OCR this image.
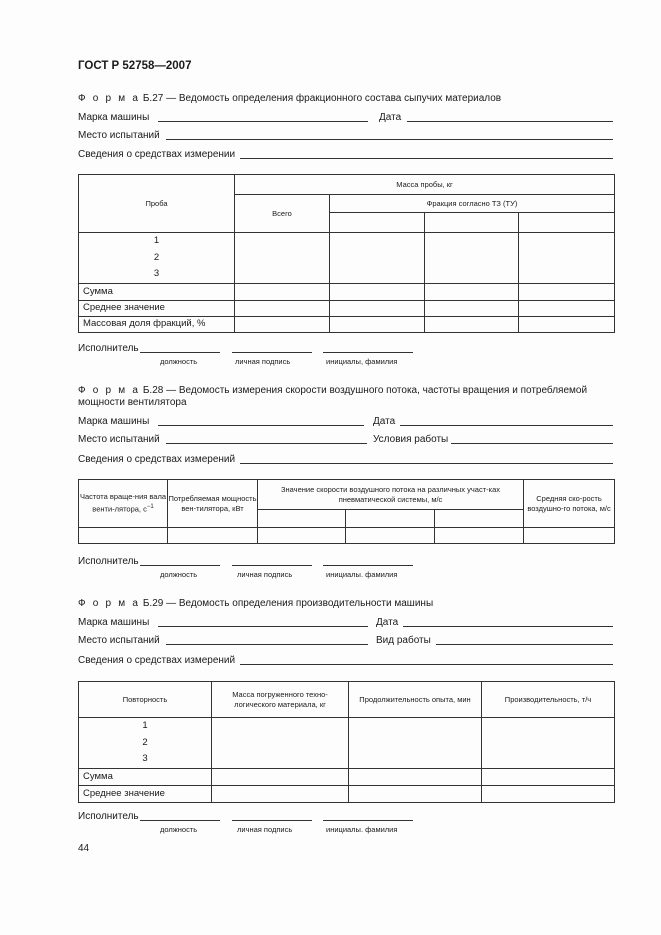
ГОСТ Р 52758—2007
Ф о р м а Б.27 — Ведомость определения фракционного состава сыпучих материалов
Марка машины	Дата
Место испытаний
Сведения о средствах измерении
Проба	Масса пробы, кг			
	Всего	Фракция согласно ТЗ (ТУ)		

1
2
3				

Сумма				
Среднее значение				
Массовая доля фракций, %				
Исполнитель
должность	личная подпись	инициалы, фамилия
Ф о р м а Б.28 — Ведомость измерения скорости воздушного потока, частоты вращения и потребляемой мощности вентилятора
Марка машины	Дата
Место испытаний	Условия работы
Сведения о средствах измерений
Частота враще-ния вала венти-лятора, $с^{-1}$	Потребляемая мощность вен-тилятора, кВт	Значение скорости воздушного потока на различных участ-ках пневматической системы, м/с			Средняя ско-рость воздушно-го потока, м/с

Исполнитель
должность	личная подпись	инициалы. фамилия
Ф о р м а Б.29 — Ведомость определения производительности машины
Марка машины	Дата
Место испытаний	Вид работы
Сведения о средствах измерений
Повторность	Масса погруженного техно-логического материала, кг	Продолжительность опыта, мин	Производительность, т/ч

1
2
3			

Сумма			
Среднее значение			
Исполнитель
должность	личная подпись	инициалы. фамилия
44
